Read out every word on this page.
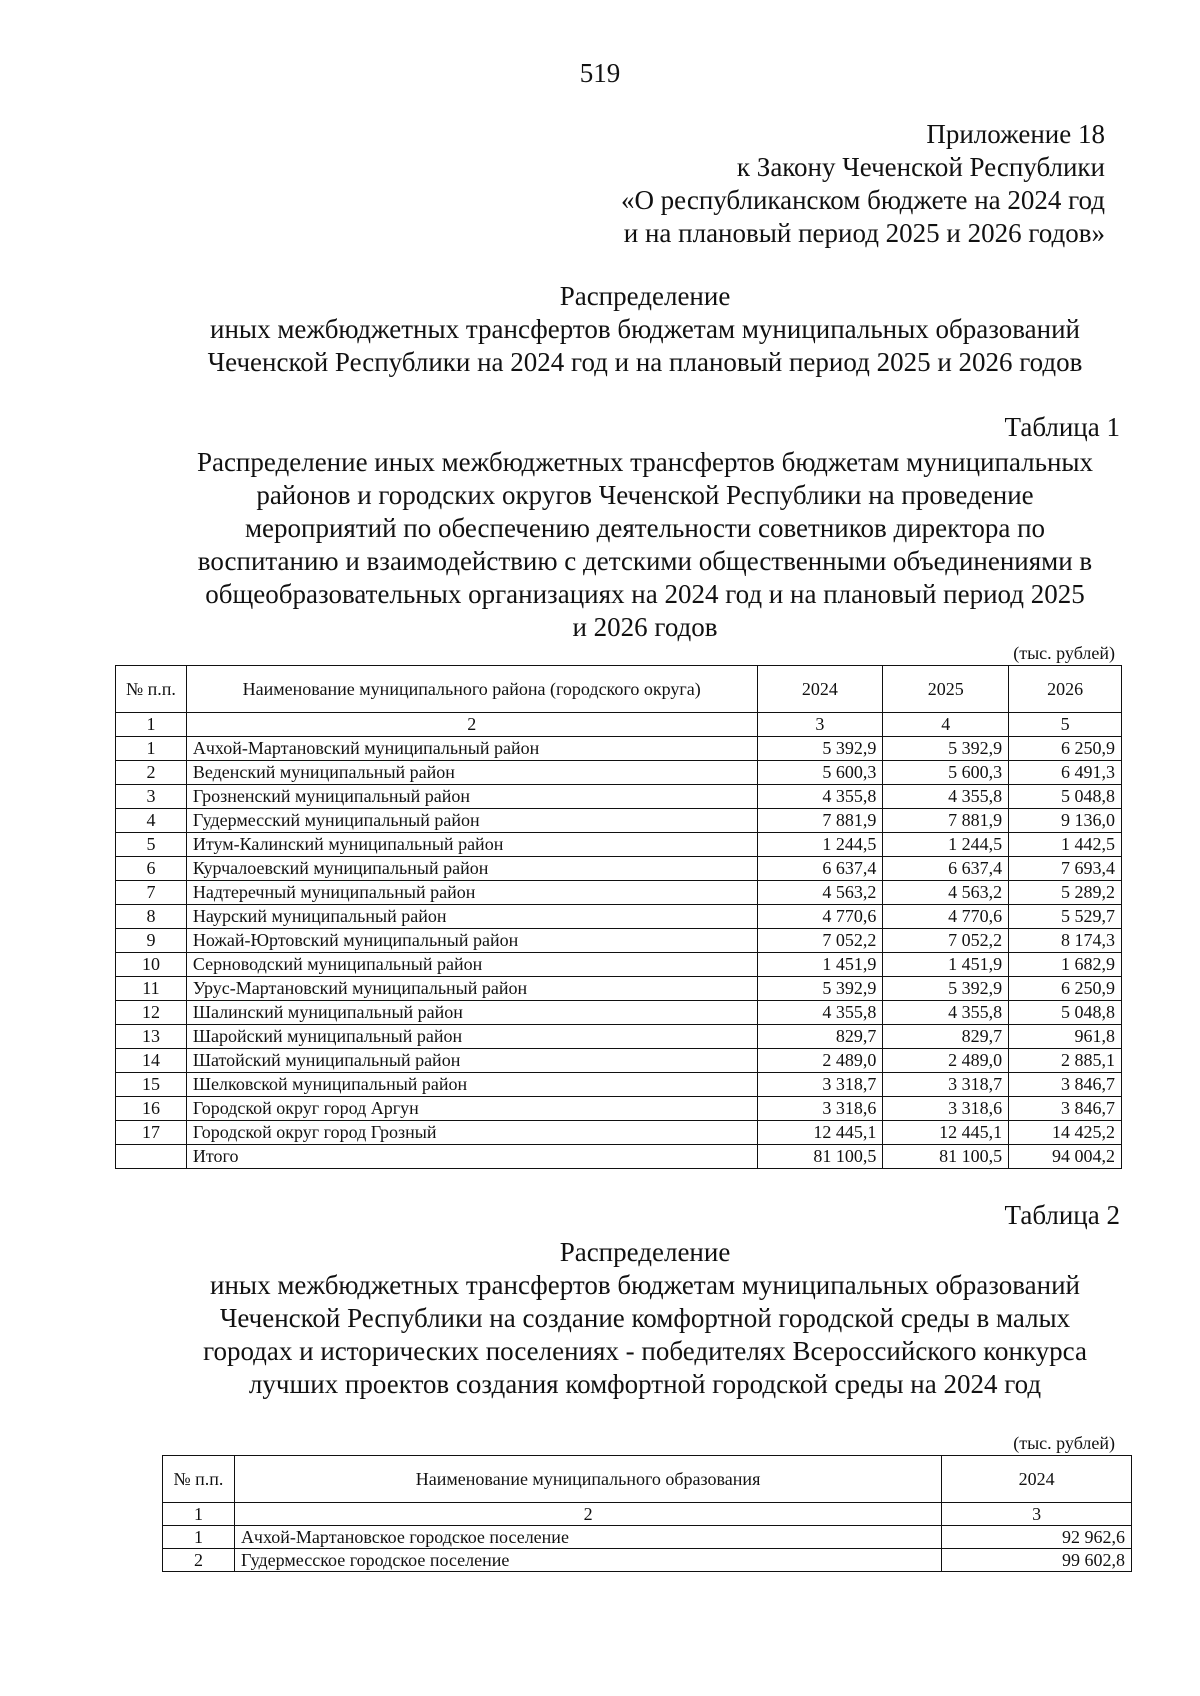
519
Приложение 18
к Закону Чеченской Республики
«О республиканском бюджете на 2024 год
и на плановый период 2025 и 2026 годов»
Распределение
иных межбюджетных трансфертов бюджетам муниципальных образований
Чеченской Республики на 2024 год и на плановый период 2025 и 2026 годов
Таблица 1
Распределение иных межбюджетных трансфертов бюджетам муниципальных
районов и городских округов Чеченской Республики на проведение
мероприятий по обеспечению деятельности советников директора по
воспитанию и взаимодействию с детскими общественными объединениями в
общеобразовательных организациях на 2024 год и на плановый период 2025
и 2026 годов
(тыс. рублей)
№ п.п.	Наименование муниципального района (городского округа)	2024	2025	2026
1	2	3	4	5
1	Ачхой-Мартановский муниципальный район	5 392,9	5 392,9	6 250,9
2	Веденский муниципальный район	5 600,3	5 600,3	6 491,3
3	Грозненский муниципальный район	4 355,8	4 355,8	5 048,8
4	Гудермесский муниципальный район	7 881,9	7 881,9	9 136,0
5	Итум-Калинский муниципальный район	1 244,5	1 244,5	1 442,5
6	Курчалоевский муниципальный район	6 637,4	6 637,4	7 693,4
7	Надтеречный муниципальный район	4 563,2	4 563,2	5 289,2
8	Наурский муниципальный район	4 770,6	4 770,6	5 529,7
9	Ножай-Юртовский муниципальный район	7 052,2	7 052,2	8 174,3
10	Серноводский муниципальный район	1 451,9	1 451,9	1 682,9
11	Урус-Мартановский муниципальный район	5 392,9	5 392,9	6 250,9
12	Шалинский муниципальный район	4 355,8	4 355,8	5 048,8
13	Шаройский муниципальный район	829,7	829,7	961,8
14	Шатойский муниципальный район	2 489,0	2 489,0	2 885,1
15	Шелковской муниципальный район	3 318,7	3 318,7	3 846,7
16	Городской округ город Аргун	3 318,6	3 318,6	3 846,7
17	Городской округ город Грозный	12 445,1	12 445,1	14 425,2
	Итого	81 100,5	81 100,5	94 004,2
Таблица 2
Распределение
иных межбюджетных трансфертов бюджетам муниципальных образований
Чеченской Республики на создание комфортной городской среды в малых
городах и исторических поселениях - победителях Всероссийского конкурса
лучших проектов создания комфортной городской среды на 2024 год
(тыс. рублей)
№ п.п.	Наименование муниципального образования	2024
1	2	3
1	Ачхой-Мартановское городское поселение	92 962,6
2	Гудермесское городское поселение	99 602,8
